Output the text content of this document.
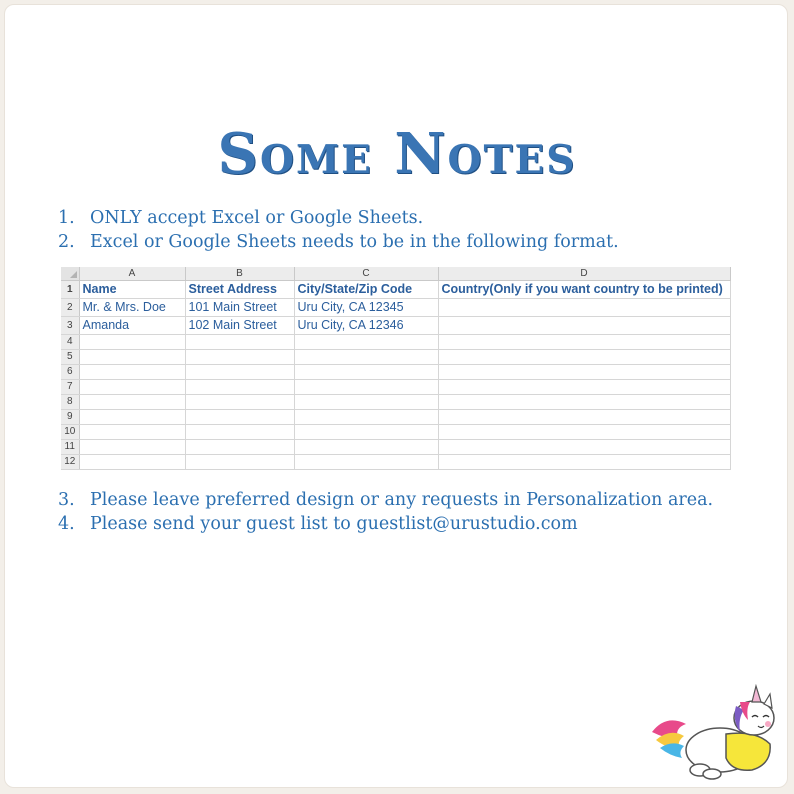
Some Notes
1. ONLY accept Excel or Google Sheets.
2. Excel or Google Sheets needs to be in the following format.
	A	B	C	D
1	Name	Street Address	City/State/Zip Code	Country(Only if you want country to be printed)
2	Mr. & Mrs. Doe	101 Main Street	Uru City, CA 12345	
3	Amanda	102 Main Street	Uru City, CA 12346	
4				
5				
6				
7				
8				
9				
10				
11				
12				
3. Please leave preferred design or any requests in Personalization area.
4. Please send your guest list to guestlist@urustudio.com
